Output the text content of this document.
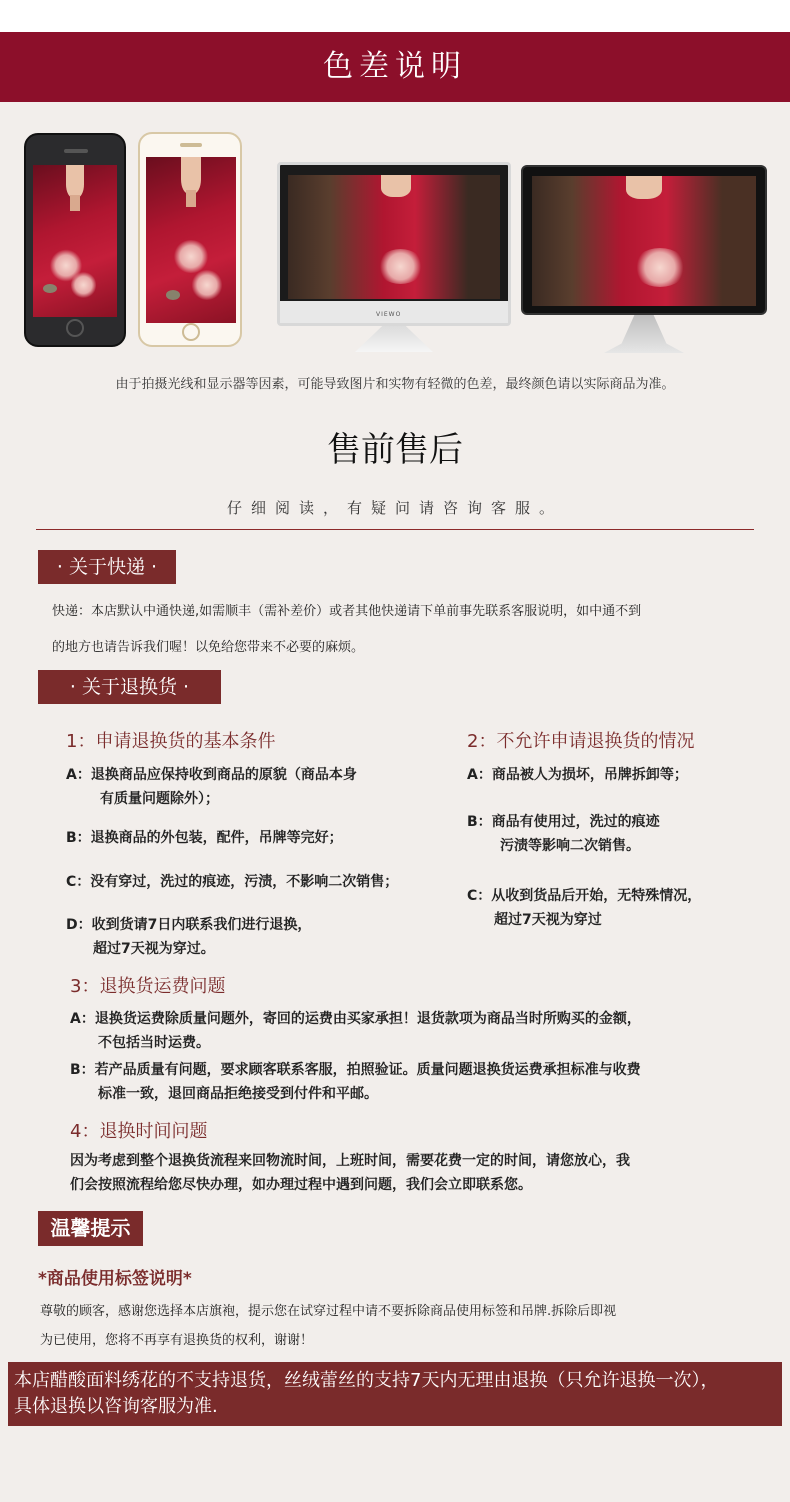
色差说明
VIEWO
由于拍摄光线和显示器等因素，可能导致图片和实物有轻微的色差，最终颜色请以实际商品为准。
售前售后
仔细阅读，有疑问请咨询客服。
· 关于快递 ·
快递：本店默认中通快递,如需顺丰（需补差价）或者其他快递请下单前事先联系客服说明，如中通不到
的地方也请告诉我们喔！以免给您带来不必要的麻烦。
· 关于退换货 ·
1：申请退换货的基本条件
A：退换商品应保持收到商品的原貌（商品本身
有质量问题除外）；
B：退换商品的外包装，配件，吊牌等完好；
C：没有穿过，洗过的痕迹，污渍，不影响二次销售；
D：收到货请7日内联系我们进行退换，
超过7天视为穿过。
2：不允许申请退换货的情况
A：商品被人为损坏，吊牌拆卸等；
B：商品有使用过，洗过的痕迹
污渍等影响二次销售。
C：从收到货品后开始，无特殊情况，
超过7天视为穿过
3：退换货运费问题
A：退换货运费除质量问题外，寄回的运费由买家承担！退货款项为商品当时所购买的金额，
不包括当时运费。
B：若产品质量有问题，要求顾客联系客服，拍照验证。质量问题退换货运费承担标准与收费
标准一致，退回商品拒绝接受到付件和平邮。
4：退换时间问题
因为考虑到整个退换货流程来回物流时间，上班时间，需要花费一定的时间，请您放心，我
们会按照流程给您尽快办理，如办理过程中遇到问题，我们会立即联系您。
温馨提示
*商品使用标签说明*
尊敬的顾客，感谢您选择本店旗袍，提示您在试穿过程中请不要拆除商品使用标签和吊牌.拆除后即视
为已使用，您将不再享有退换货的权利，谢谢！
本店醋酸面料绣花的不支持退货，丝绒蕾丝的支持7天内无理由退换（只允许退换一次），
具体退换以咨询客服为准.
